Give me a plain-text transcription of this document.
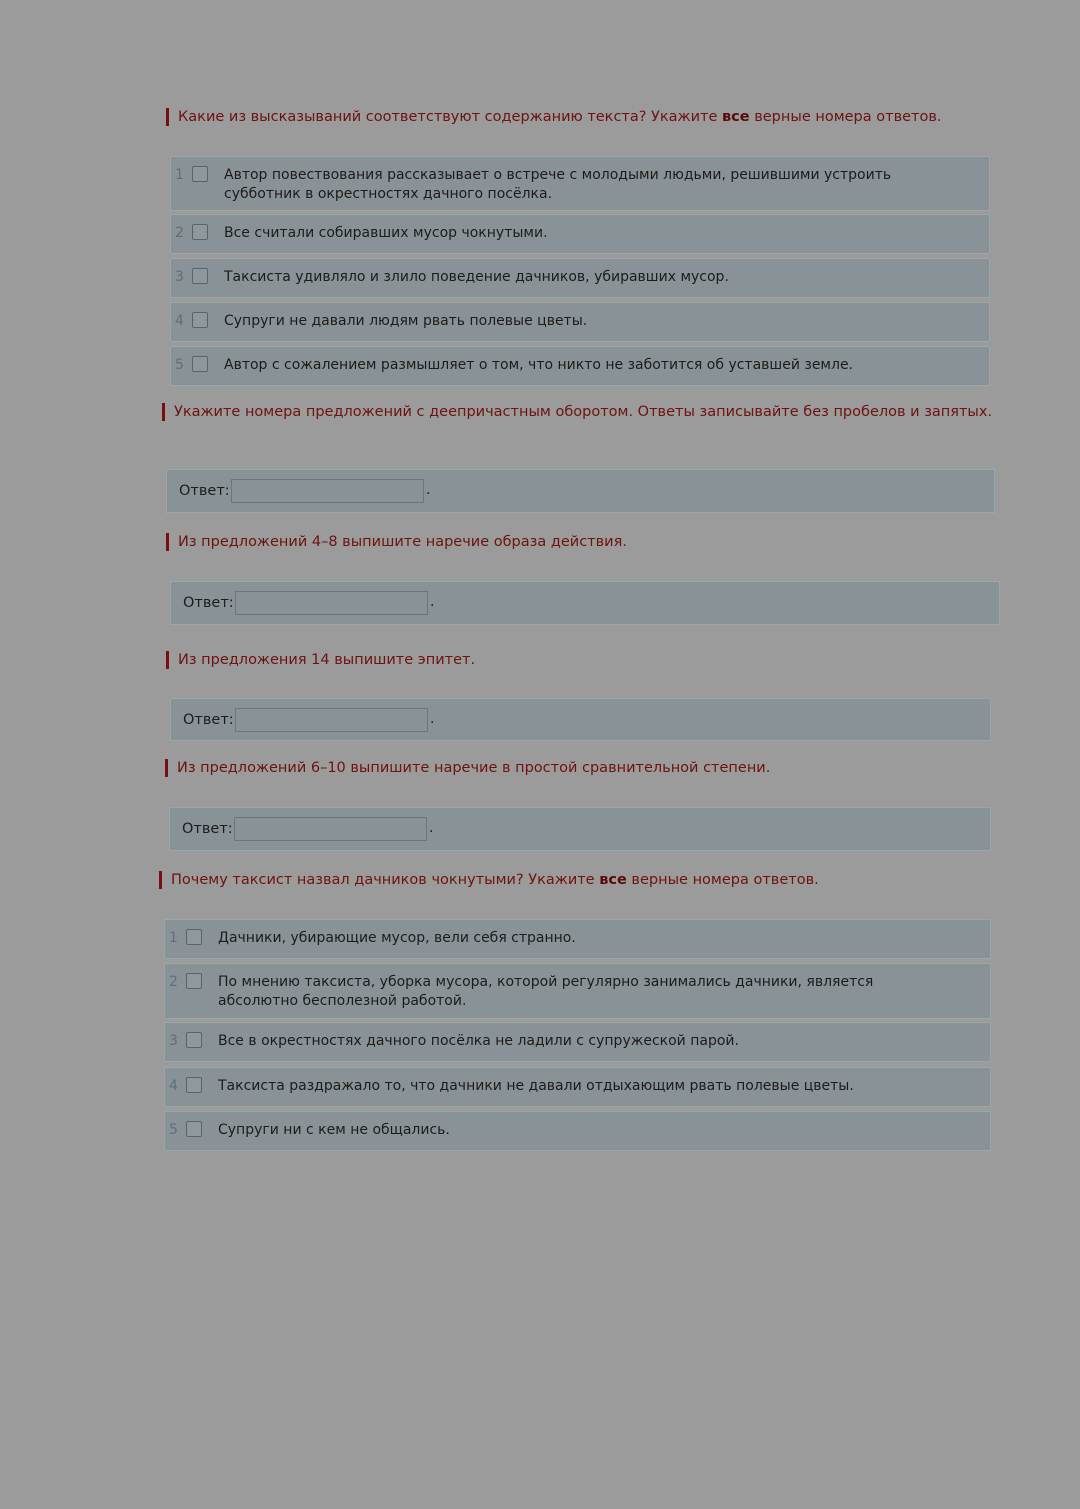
Какие из высказываний соответствуют содержанию текста? Укажите все верные номера ответов.
1	Автор повествования рассказывает о встрече с молодыми людьми, решившими устроить субботник в окрестностях дачного посёлка.
2	Все считали собиравших мусор чокнутыми.
3	Таксиста удивляло и злило поведение дачников, убиравших мусор.
4	Супруги не давали людям рвать полевые цветы.
5	Автор с сожалением размышляет о том, что никто не заботится об уставшей земле.
Укажите номера предложений с деепричастным оборотом. Ответы записывайте без пробелов и запятых.
Ответ:	.
Из предложений 4–8 выпишите наречие образа действия.
Ответ:	.
Из предложения 14 выпишите эпитет.
Ответ:	.
Из предложений 6–10 выпишите наречие в простой сравнительной степени.
Ответ:	.
Почему таксист назвал дачников чокнутыми? Укажите все верные номера ответов.
1	Дачники, убирающие мусор, вели себя странно.
2	По мнению таксиста, уборка мусора, которой регулярно занимались дачники, является абсолютно бесполезной работой.
3	Все в окрестностях дачного посёлка не ладили с супружеской парой.
4	Таксиста раздражало то, что дачники не давали отдыхающим рвать полевые цветы.
5	Супруги ни с кем не общались.
